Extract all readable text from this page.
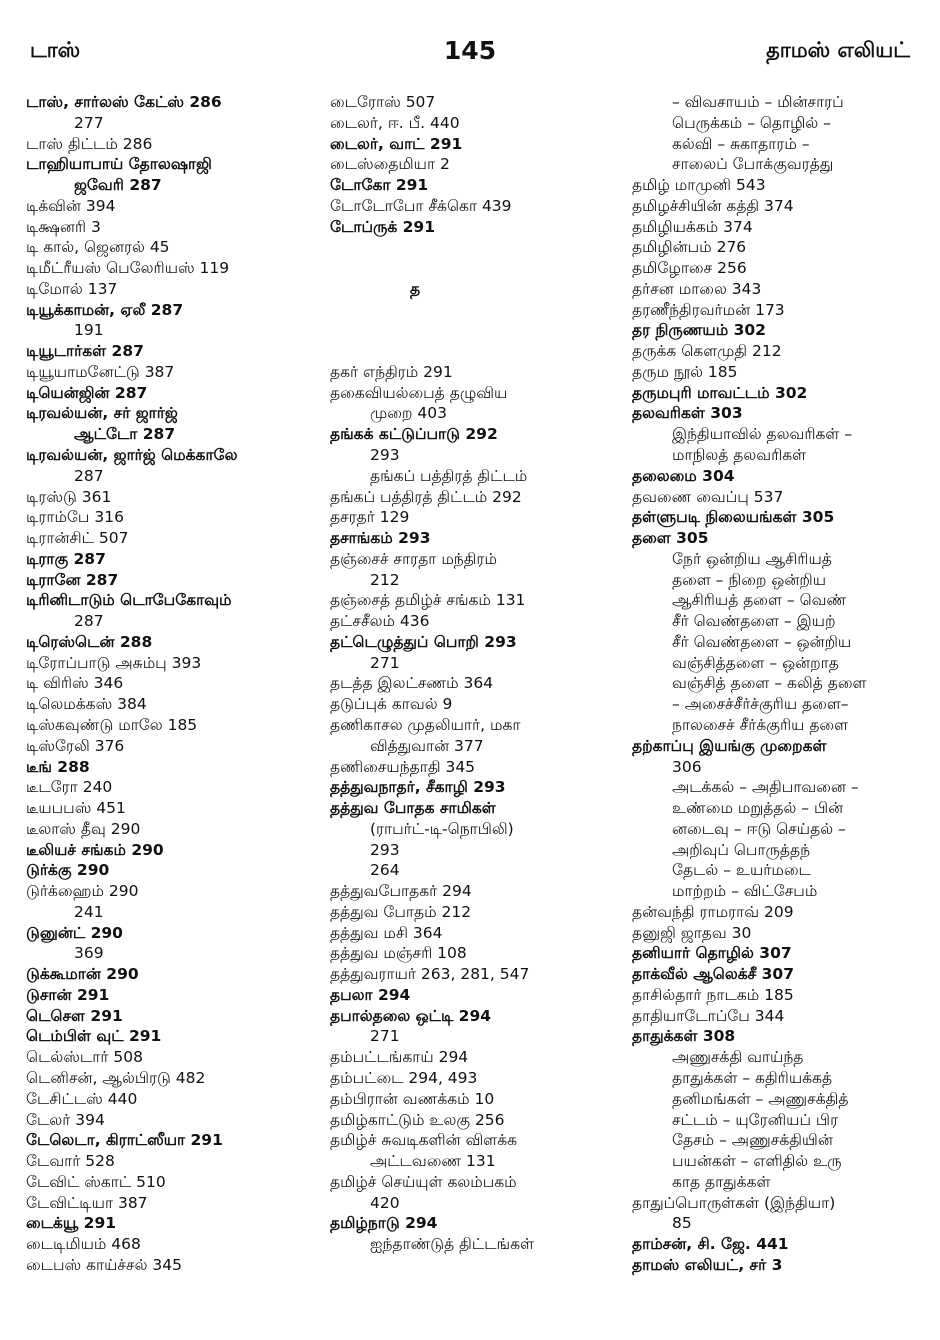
டாஸ்	145	தாமஸ் எலியட்
டாஸ், சார்லஸ் கேட்ஸ் 286
277
டாஸ் திட்டம் 286
டாஹியாபாய் தோலஷாஜி
ஜவேரி 287
டிக்வின் 394
டிக்ஷனரி 3
டி கால், ஜெனரல் 45
டிமீட்ரீயஸ் பெலேரியஸ் 119
டிமோல் 137
டியூக்காமன், ஏலீ 287
191
டியூடார்கள் 287
டியூயாமனேட்டு 387
டியென்ஜின் 287
டிரவல்யன், சர் ஜார்ஜ்
ஆட்டோ 287
டிரவல்யன், ஜார்ஜ் மெக்காலே
287
டிரஸ்டு 361
டிராம்பே 316
டிரான்சிட் 507
டிராகு 287
டிரானே 287
டிரினிடாடும் டொபேகோவும்
287
டிரெஸ்டென் 288
டிரோப்பாடு அசும்பு 393
டி விரிஸ் 346
டிலெமக்கஸ் 384
டிஸ்கவுண்டு மாலே 185
டிஸ்ரேலி 376
டீங் 288
டீடரோ 240
டீயபபஸ் 451
டீலாஸ் தீவு 290
டீலியச் சங்கம் 290
டுர்க்கு 290
டுர்க்ஹைம் 290
241
டுனுன்ட் 290
369
டுக்கூமான் 290
டுசான் 291
டெசௌ 291
டெம்பிள் வுட் 291
டெல்ஸ்டார் 508
டெனிசன், ஆல்பிரடு 482
டேசிட்டஸ் 440
டேலர் 394
டேலெடா, கிராட்ஸீயா 291
டேவார் 528
டேவிட் ஸ்காட் 510
டேவிட்டியா 387
டைக்யூ 291
டைடிமியம் 468
டைபஸ் காய்ச்சல் 345
டைரோஸ் 507
டைலர், ஈ. பீ. 440
டைலர், வாட் 291
டைஸ்தைமியா 2
டோகோ 291
டோடோபோ சீக்கொ 439
டோப்ருக் 291
த
தகர் எந்திரம் 291
தகைவியல்பைத் தழுவிய
முறை 403
தங்கக் கட்டுப்பாடு 292
293
தங்கப் பத்திரத் திட்டம்
தங்கப் பத்திரத் திட்டம் 292
தசரதர் 129
தசாங்கம் 293
தஞ்சைச் சாரதா மந்திரம்
212
தஞ்சைத் தமிழ்ச் சங்கம் 131
தட்சசீலம் 436
தட்டெழுத்துப் பொறி 293
271
தடத்த இலட்சணம் 364
தடுப்புக் காவல் 9
தணிகாசல முதலியார், மகா
வித்துவான் 377
தணிசையந்தாதி 345
தத்துவநாதர், சீகாழி 293
தத்துவ போதக சாமிகள்
(ராபர்ட்-டி-நொபிலி)
293
264
தத்துவபோதகர் 294
தத்துவ போதம் 212
தத்துவ மசி 364
தத்துவ மஞ்சரி 108
தத்துவராயர் 263, 281, 547
தபலா 294
தபால்தலை ஒட்டி 294
271
தம்பட்டங்காய் 294
தம்பட்டை 294, 493
தம்பிரான் வணக்கம் 10
தமிழ்காட்டும் உலகு 256
தமிழ்ச் சுவடிகளின் விளக்க
அட்டவணை 131
தமிழ்ச் செய்யுள் கலம்பகம்
420
தமிழ்நாடு 294
ஐந்தாண்டுத் திட்டங்கள்
– விவசாயம் – மின்சாரப்
பெருக்கம் – தொழில் –
கல்வி – சுகாதாரம் –
சாலைப் போக்குவரத்து
தமிழ் மாமுனி 543
தமிழச்சியின் கத்தி 374
தமிழியக்கம் 374
தமிழின்பம் 276
தமிழோசை 256
தர்சன மாலை 343
தரணீந்திரவர்மன் 173
தர நிருணயம் 302
தருக்க கௌமுதி 212
தரும நூல் 185
தருமபுரி மாவட்டம் 302
தலவரிகள் 303
இந்தியாவில் தலவரிகள் –
மாநிலத் தலவரிகள்
தலைமை 304
தவணை வைப்பு 537
தள்ளுபடி நிலையங்கள் 305
தளை 305
நேர் ஒன்றிய ஆசிரியத்
தளை – நிறை ஒன்றிய
ஆசிரியத் தளை – வெண்
சீர் வெண்தளை – இயற்
சீர் வெண்தளை – ஒன்றிய
வஞ்சித்தளை – ஒன்றாத
வஞ்சித் தளை – கலித் தளை
– அசைச்சீர்ச்குரிய தளை–
நாலசைச் சீர்க்குரிய தளை
தற்காப்பு இயங்கு முறைகள்
306
அடக்கல் – அதிபாவனை –
உண்மை மறுத்தல் – பின்
னடைவு – ஈடு செய்தல் –
அறிவுப் பொருத்தந்
தேடல் – உயர்மடை
மாற்றம் – விட்சேபம்
தன்வந்தி ராமராவ் 209
தனுஜி ஜாதவ 30
தனியார் தொழில் 307
தாக்வீல் ஆலெக்சீ 307
தாசில்தார் நாடகம் 185
தாதியாடோப்பே 344
தாதுக்கள் 308
அணுசக்தி வாய்ந்த
தாதுக்கள் – கதிரியக்கத்
தனிமங்கள் – அணுசக்தித்
சட்டம் – யுரேனியப் பிர
தேசம் – அணுசக்தியின்
பயன்கள் – எளிதில் உரு
காத தாதுக்கள்
தாதுப்பொருள்கள் (இந்தியா)
85
தாம்சன், சி. ஜே. 441
தாமஸ் எலியட், சர் 3
